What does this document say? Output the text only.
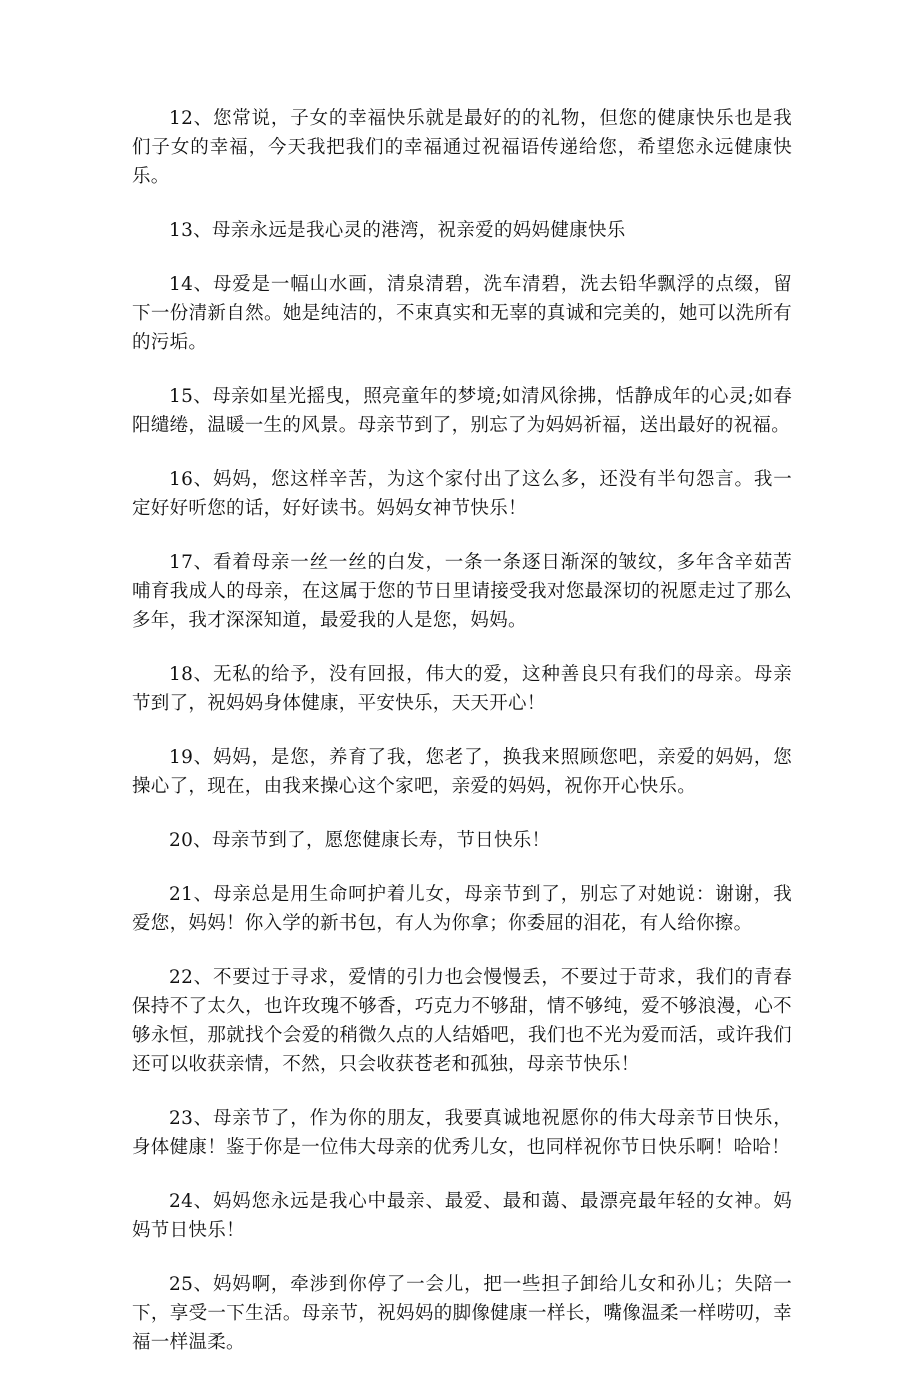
12、您常说，子女的幸福快乐就是最好的的礼物，但您的健康快乐也是我们子女的幸福，今天我把我们的幸福通过祝福语传递给您，希望您永远健康快乐。

13、母亲永远是我心灵的港湾，祝亲爱的妈妈健康快乐

14、母爱是一幅山水画，清泉清碧，洗车清碧，洗去铅华飘浮的点缀，留下一份清新自然。她是纯洁的，不束真实和无辜的真诚和完美的，她可以洗所有的污垢。

15、母亲如星光摇曳，照亮童年的梦境;如清风徐拂，恬静成年的心灵;如春阳缱绻，温暖一生的风景。母亲节到了，别忘了为妈妈祈福，送出最好的祝福。

16、妈妈，您这样辛苦，为这个家付出了这么多，还没有半句怨言。我一定好好听您的话，好好读书。妈妈女神节快乐！

17、看着母亲一丝一丝的白发，一条一条逐日渐深的皱纹，多年含辛茹苦哺育我成人的母亲，在这属于您的节日里请接受我对您最深切的祝愿走过了那么多年，我才深深知道，最爱我的人是您，妈妈。

18、无私的给予，没有回报，伟大的爱，这种善良只有我们的母亲。母亲节到了，祝妈妈身体健康，平安快乐，天天开心！

19、妈妈，是您，养育了我，您老了，换我来照顾您吧，亲爱的妈妈，您操心了，现在，由我来操心这个家吧，亲爱的妈妈，祝你开心快乐。

20、母亲节到了，愿您健康长寿，节日快乐！

21、母亲总是用生命呵护着儿女，母亲节到了，别忘了对她说：谢谢，我爱您，妈妈！你入学的新书包，有人为你拿；你委屈的泪花，有人给你擦。

22、不要过于寻求，爱情的引力也会慢慢丢，不要过于苛求，我们的青春保持不了太久，也许玫瑰不够香，巧克力不够甜，情不够纯，爱不够浪漫，心不够永恒，那就找个会爱的稍微久点的人结婚吧，我们也不光为爱而活，或许我们还可以收获亲情，不然，只会收获苍老和孤独，母亲节快乐！

23、母亲节了，作为你的朋友，我要真诚地祝愿你的伟大母亲节日快乐，身体健康！鉴于你是一位伟大母亲的优秀儿女，也同样祝你节日快乐啊！哈哈！

24、妈妈您永远是我心中最亲、最爱、最和蔼、最漂亮最年轻的女神。妈妈节日快乐！

25、妈妈啊，牵涉到你停了一会儿，把一些担子卸给儿女和孙儿；失陪一下，享受一下生活。母亲节，祝妈妈的脚像健康一样长，嘴像温柔一样唠叨，幸福一样温柔。
